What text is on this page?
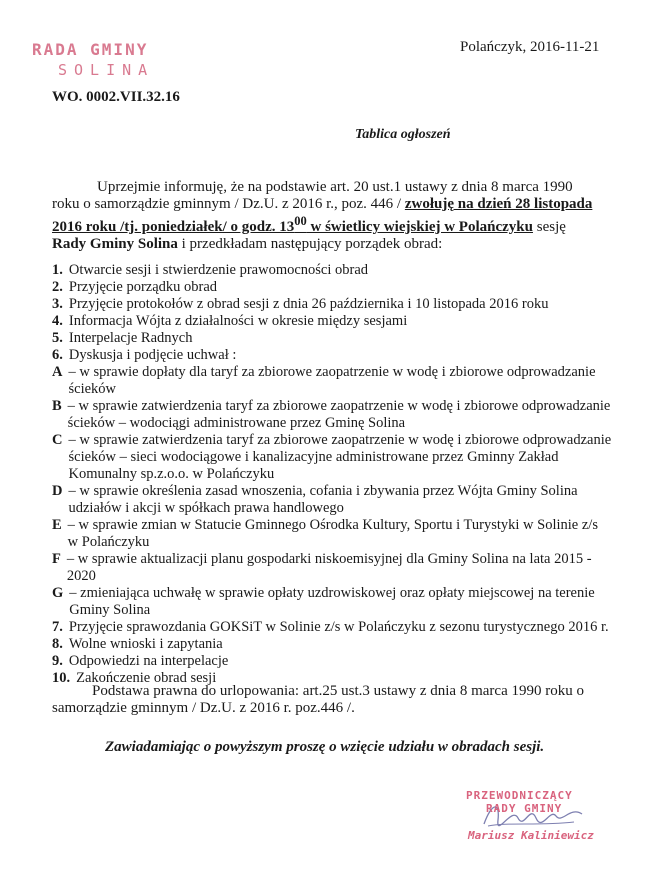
RADA GMINY
SOLINA
WO. 0002.VII.32.16
Polańczyk, 2016-11-21
Tablica ogłoszeń
Uprzejmie informuję, że na podstawie art. 20 ust.1 ustawy z dnia 8 marca 1990 roku o samorządzie gminnym / Dz.U. z 2016 r., poz. 446 / zwołuję na dzień 28 listopada 2016 roku /tj. poniedziałek/ o godz. $13^{00}$ w świetlicy wiejskiej w Polańczyku sesję Rady Gminy Solina i przedkładam następujący porządek obrad:
1. Otwarcie sesji i stwierdzenie prawomocności obrad
2. Przyjęcie porządku obrad
3. Przyjęcie protokołów z obrad sesji z dnia 26 października i 10 listopada 2016 roku
4. Informacja Wójta z działalności w okresie między sesjami
5. Interpelacje Radnych
6. Dyskusja i podjęcie uchwał :
A – w sprawie dopłaty dla taryf za zbiorowe zaopatrzenie w wodę i zbiorowe odprowadzanie ścieków
B – w sprawie zatwierdzenia taryf za zbiorowe zaopatrzenie w wodę i zbiorowe odprowadzanie ścieków – wodociągi administrowane przez Gminę Solina
C – w sprawie zatwierdzenia taryf za zbiorowe zaopatrzenie w wodę i zbiorowe odprowadzanie ścieków – sieci wodociągowe i kanalizacyjne administrowane przez Gminny Zakład Komunalny sp.z.o.o. w Polańczyku
D – w sprawie określenia zasad wnoszenia, cofania i zbywania przez Wójta Gminy Solina udziałów i akcji w spółkach prawa handlowego
E – w sprawie zmian w Statucie Gminnego Ośrodka Kultury, Sportu i Turystyki w Solinie z/s w Polańczyku
F – w sprawie aktualizacji planu gospodarki niskoemisyjnej dla Gminy Solina na lata 2015 - 2020
G – zmieniająca uchwałę w sprawie opłaty uzdrowiskowej oraz opłaty miejscowej na terenie Gminy Solina
7. Przyjęcie sprawozdania GOKSiT w Solinie z/s w Polańczyku z sezonu turystycznego 2016 r.
8. Wolne wnioski i zapytania
9. Odpowiedzi na interpelacje
10. Zakończenie obrad sesji
Podstawa prawna do urlopowania: art.25 ust.3 ustawy z dnia 8 marca 1990 roku o samorządzie gminnym / Dz.U. z 2016 r. poz.446 /.
Zawiadamiając o powyższym proszę o wzięcie udziału w obradach sesji.
PRZEWODNICZĄCY
RADY GMINY
Mariusz Kaliniewicz
